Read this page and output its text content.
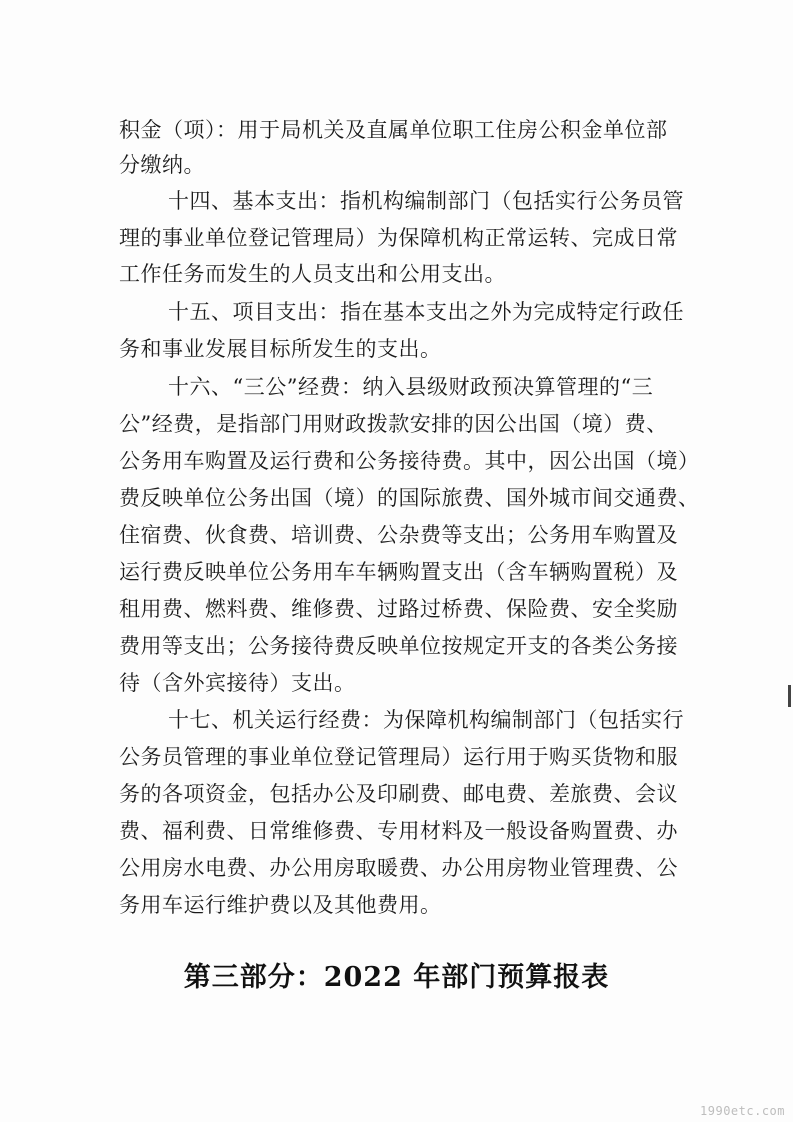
积金（项）：用于局机关及直属单位职工住房公积金单位部
分缴纳。
十四、基本支出：指机构编制部门（包括实行公务员管
理的事业单位登记管理局）为保障机构正常运转、完成日常
工作任务而发生的人员支出和公用支出。
十五、项目支出：指在基本支出之外为完成特定行政任
务和事业发展目标所发生的支出。
十六、“三公”经费：纳入县级财政预决算管理的“三
公”经费，是指部门用财政拨款安排的因公出国（境）费、
公务用车购置及运行费和公务接待费。其中，因公出国（境）
费反映单位公务出国（境）的国际旅费、国外城市间交通费、
住宿费、伙食费、培训费、公杂费等支出；公务用车购置及
运行费反映单位公务用车车辆购置支出（含车辆购置税）及
租用费、燃料费、维修费、过路过桥费、保险费、安全奖励
费用等支出；公务接待费反映单位按规定开支的各类公务接
待（含外宾接待）支出。
十七、机关运行经费：为保障机构编制部门（包括实行
公务员管理的事业单位登记管理局）运行用于购买货物和服
务的各项资金，包括办公及印刷费、邮电费、差旅费、会议
费、福利费、日常维修费、专用材料及一般设备购置费、办
公用房水电费、办公用房取暖费、办公用房物业管理费、公
务用车运行维护费以及其他费用。
第三部分：2022 年部门预算报表
1990etc.com
